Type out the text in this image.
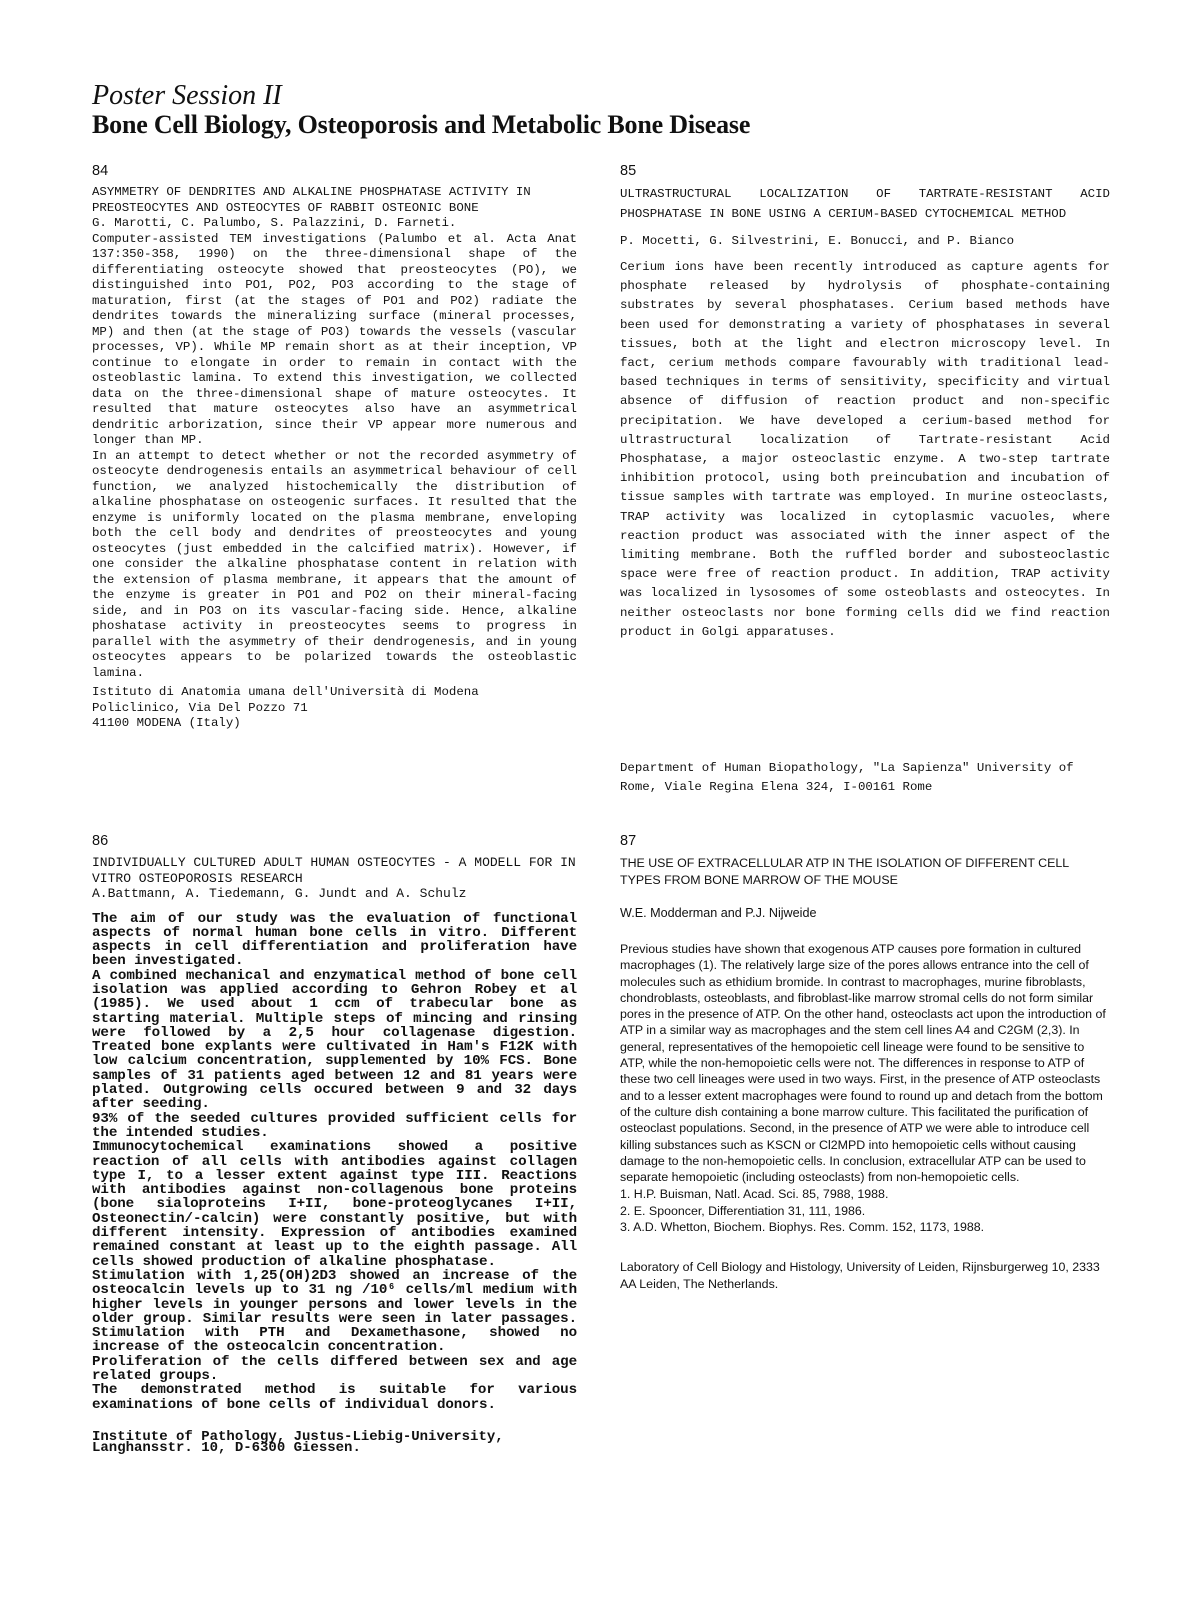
Poster Session II
Bone Cell Biology, Osteoporosis and Metabolic Bone Disease
84
ASYMMETRY OF DENDRITES AND ALKALINE PHOSPHATASE ACTIVITY IN PREOSTEOCYTES AND OSTEOCYTES OF RABBIT OSTEONIC BONE
G. Marotti, C. Palumbo, S. Palazzini, D. Farneti.

Computer-assisted TEM investigations (Palumbo et al. Acta Anat 137:350-358, 1990) on the three-dimensional shape of the differentiating osteocyte showed that preosteocytes (PO), we distinguished into PO1, PO2, PO3 according to the stage of maturation, first (at the stages of PO1 and PO2) radiate the dendrites towards the mineralizing surface (mineral processes, MP) and then (at the stage of PO3) towards the vessels (vascular processes, VP). While MP remain short as at their inception, VP continue to elongate in order to remain in contact with the osteoblastic lamina. To extend this investigation, we collected data on the three-dimensional shape of mature osteocytes. It resulted that mature osteocytes also have an asymmetrical dendritic arborization, since their VP appear more numerous and longer than MP.

In an attempt to detect whether or not the recorded asymmetry of osteocyte dendrogenesis entails an asymmetrical behaviour of cell function, we analyzed histochemically the distribution of alkaline phosphatase on osteogenic surfaces. It resulted that the enzyme is uniformly located on the plasma membrane, enveloping both the cell body and dendrites of preosteocytes and young osteocytes (just embedded in the calcified matrix). However, if one consider the alkaline phosphatase content in relation with the extension of plasma membrane, it appears that the amount of the enzyme is greater in PO1 and PO2 on their mineral-facing side, and in PO3 on its vascular-facing side. Hence, alkaline phoshatase activity in preosteocytes seems to progress in parallel with the asymmetry of their dendrogenesis, and in young osteocytes appears to be polarized towards the osteoblastic lamina.

Istituto di Anatomia umana dell'Università di Modena
Policlinico, Via Del Pozzo 71
41100 MODENA (Italy)
85
ULTRASTRUCTURAL LOCALIZATION OF TARTRATE-RESISTANT ACID PHOSPHATASE IN BONE USING A CERIUM-BASED CYTOCHEMICAL METHOD
P. Mocetti, G. Silvestrini, E. Bonucci, and P. Bianco

Cerium ions have been recently introduced as capture agents for phosphate released by hydrolysis of phosphate-containing substrates by several phosphatases. Cerium based methods have been used for demonstrating a variety of phosphatases in several tissues, both at the light and electron microscopy level. In fact, cerium methods compare favourably with traditional lead-based techniques in terms of sensitivity, specificity and virtual absence of diffusion of reaction product and non-specific precipitation. We have developed a cerium-based method for ultrastructural localization of Tartrate-resistant Acid Phosphatase, a major osteoclastic enzyme. A two-step tartrate inhibition protocol, using both preincubation and incubation of tissue samples with tartrate was employed. In murine osteoclasts, TRAP activity was localized in cytoplasmic vacuoles, where reaction product was associated with the inner aspect of the limiting membrane. Both the ruffled border and subosteoclastic space were free of reaction product. In addition, TRAP activity was localized in lysosomes of some osteoblasts and osteocytes. In neither osteoclasts nor bone forming cells did we find reaction product in Golgi apparatuses.

Department of Human Biopathology, "La Sapienza" University of Rome, Viale Regina Elena 324, I-00161 Rome
86
INDIVIDUALLY CULTURED ADULT HUMAN OSTEOCYTES - A MODELL FOR IN VITRO OSTEOPOROSIS RESEARCH
A.Battmann, A. Tiedemann, G. Jundt and A. Schulz

The aim of our study was the evaluation of functional aspects of normal human bone cells in vitro. Different aspects in cell differentiation and proliferation have been investigated.

A combined mechanical and enzymatical method of bone cell isolation was applied according to Gehron Robey et al (1985). We used about 1 ccm of trabecular bone as starting material. Multiple steps of mincing and rinsing were followed by a 2,5 hour collagenase digestion. Treated bone explants were cultivated in Ham's F12K with low calcium concentration, supplemented by 10% FCS. Bone samples of 31 patients aged between 12 and 81 years were plated. Outgrowing cells occured between 9 and 32 days after seeding.

93% of the seeded cultures provided sufficient cells for the intended studies.

Immunocytochemical examinations showed a positive reaction of all cells with antibodies against collagen type I, to a lesser extent against type III. Reactions with antibodies against non-collagenous bone proteins (bone sialoproteins I+II, bone-proteoglycanes I+II, Osteonectin/-calcin) were constantly positive, but with different intensity. Expression of antibodies examined remained constant at least up to the eighth passage. All cells showed production of alkaline phosphatase.

Stimulation with 1,25(OH)2D3 showed an increase of the osteocalcin levels up to 31 ng /10⁶ cells/ml medium with higher levels in younger persons and lower levels in the older group. Similar results were seen in later passages. Stimulation with PTH and Dexamethasone, showed no increase of the osteocalcin concentration.

Proliferation of the cells differed between sex and age related groups.

The demonstrated method is suitable for various examinations of bone cells of individual donors.

Institute of Pathology, Justus-Liebig-University, Langhansstr. 10, D-6300 Giessen.
87
THE USE OF EXTRACELLULAR ATP IN THE ISOLATION OF DIFFERENT CELL TYPES FROM BONE MARROW OF THE MOUSE
W.E. Modderman and P.J. Nijweide

Previous studies have shown that exogenous ATP causes pore formation in cultured macrophages (1). The relatively large size of the pores allows entrance into the cell of molecules such as ethidium bromide. In contrast to macrophages, murine fibroblasts, chondroblasts, osteoblasts, and fibroblast-like marrow stromal cells do not form similar pores in the presence of ATP. On the other hand, osteoclasts act upon the introduction of ATP in a similar way as macrophages and the stem cell lines A4 and C2GM (2,3). In general, representatives of the hemopoietic cell lineage were found to be sensitive to ATP, while the non-hemopoietic cells were not. The differences in response to ATP of these two cell lineages were used in two ways. First, in the presence of ATP osteoclasts and to a lesser extent macrophages were found to round up and detach from the bottom of the culture dish containing a bone marrow culture. This facilitated the purification of osteoclast populations. Second, in the presence of ATP we were able to introduce cell killing substances such as KSCN or Cl2MPD into hemopoietic cells without causing damage to the non-hemopoietic cells. In conclusion, extracellular ATP can be used to separate hemopoietic (including osteoclasts) from non-hemopoietic cells.

1. H.P. Buisman, Natl. Acad. Sci. 85, 7988, 1988.
2. E. Spooncer, Differentiation 31, 111, 1986.
3. A.D. Whetton, Biochem. Biophys. Res. Comm. 152, 1173, 1988.
Laboratory of Cell Biology and Histology, University of Leiden, Rijnsburgerweg 10, 2333 AA Leiden, The Netherlands.
